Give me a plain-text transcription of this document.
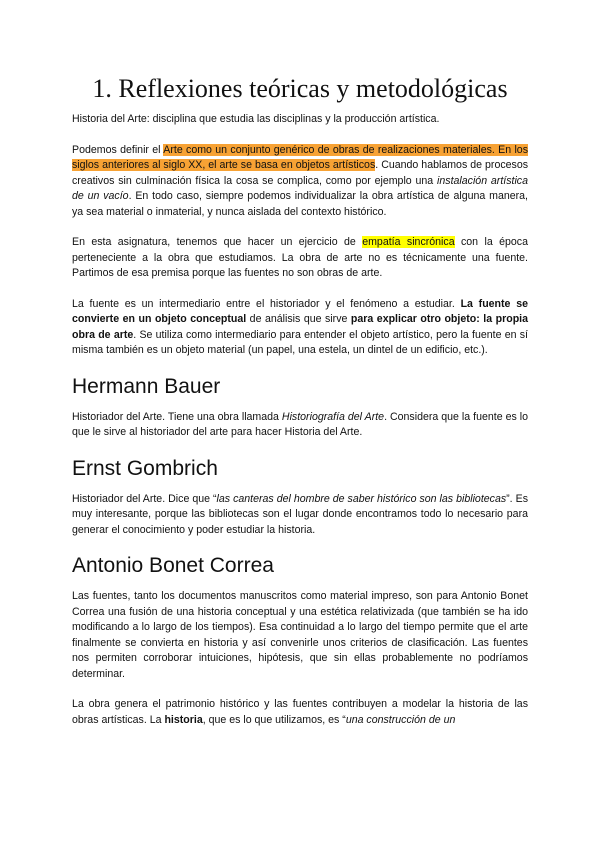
1. Reflexiones teóricas y metodológicas

Historia del Arte: disciplina que estudia las disciplinas y la producción artística.

Podemos definir el Arte como un conjunto genérico de obras de realizaciones materiales. En los siglos anteriores al siglo XX, el arte se basa en objetos artísticos. Cuando hablamos de procesos creativos sin culminación física la cosa se complica, como por ejemplo una instalación artística de un vacío. En todo caso, siempre podemos individualizar la obra artística de alguna manera, ya sea material o inmaterial, y nunca aislada del contexto histórico.

En esta asignatura, tenemos que hacer un ejercicio de empatía sincrónica con la época perteneciente a la obra que estudiamos. La obra de arte no es técnicamente una fuente. Partimos de esa premisa porque las fuentes no son obras de arte.

La fuente es un intermediario entre el historiador y el fenómeno a estudiar. La fuente se convierte en un objeto conceptual de análisis que sirve para explicar otro objeto: la propia obra de arte. Se utiliza como intermediario para entender el objeto artístico, pero la fuente en sí misma también es un objeto material (un papel, una estela, un dintel de un edificio, etc.).

Hermann Bauer

Historiador del Arte. Tiene una obra llamada Historiografía del Arte. Considera que la fuente es lo que le sirve al historiador del arte para hacer Historia del Arte.

Ernst Gombrich

Historiador del Arte. Dice que “las canteras del hombre de saber histórico son las bibliotecas”. Es muy interesante, porque las bibliotecas son el lugar donde encontramos todo lo necesario para generar el conocimiento y poder estudiar la historia.

Antonio Bonet Correa

Las fuentes, tanto los documentos manuscritos como material impreso, son para Antonio Bonet Correa una fusión de una historia conceptual y una estética relativizada (que también se ha ido modificando a lo largo de los tiempos). Esa continuidad a lo largo del tiempo permite que el arte finalmente se convierta en historia y así convenirle unos criterios de clasificación. Las fuentes nos permiten corroborar intuiciones, hipótesis, que sin ellas probablemente no podríamos determinar.

La obra genera el patrimonio histórico y las fuentes contribuyen a modelar la historia de las obras artísticas. La historia, que es lo que utilizamos, es “una construcción de un
